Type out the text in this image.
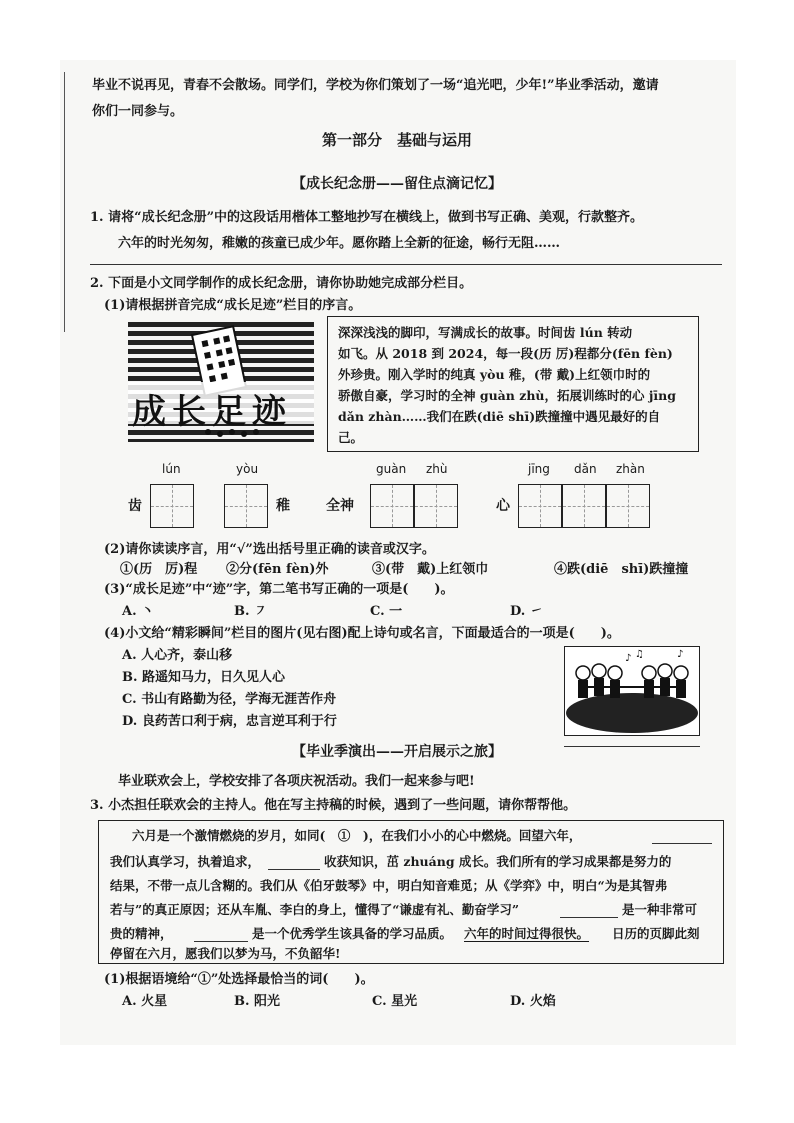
毕业不说再见，青春不会散场。同学们，学校为你们策划了一场“追光吧，少年!”毕业季活动，邀请
你们一同参与。
第一部分　基础与运用
【成长纪念册——留住点滴记忆】
1. 请将“成长纪念册”中的这段话用楷体工整地抄写在横线上，做到书写正确、美观，行款整齐。
六年的时光匆匆，稚嫩的孩童已成少年。愿你踏上全新的征途，畅行无阻……
2. 下面是小文同学制作的成长纪念册，请你协助她完成部分栏目。
(1)请根据拼音完成“成长足迹”栏目的序言。
成长足迹
深深浅浅的脚印，写满成长的故事。时间齿 lún 转动
如飞。从 2018 到 2024，每一段(历 厉)程都分(fēn fèn)
外珍贵。刚入学时的纯真 yòu 稚，(带 戴)上红领巾时的
骄傲自豪，学习时的全神 guàn zhù，拓展训练时的心 jīng
dǎn zhàn……我们在跌(diē shī)跌撞撞中遇见最好的自
己。
lún	yòu	guàn zhù	jīng dǎn zhàn
齿	稚	全神	心
(2)请你读读序言，用“√”选出括号里正确的读音或汉字。
①(历　厉)程 ②分(fēn fèn)外	③(带　戴)上红领巾	④跌(diē　shī)跌撞撞
(3)“成长足迹”中“迹”字，第二笔书写正确的一项是(　　)。
A. 丶	B. ㇇	C. 一	D. ㇀
(4)小文给“精彩瞬间”栏目的图片(见右图)配上诗句或名言，下面最适合的一项是(　　)。
A. 人心齐，泰山移
B. 路遥知马力，日久见人心
C. 书山有路勤为径，学海无涯苦作舟
D. 良药苦口利于病，忠言逆耳利于行
♪ ♫	♪
【毕业季演出——开启展示之旅】
毕业联欢会上，学校安排了各项庆祝活动。我们一起来参与吧!
3. 小杰担任联欢会的主持人。他在写主持稿的时候，遇到了一些问题，请你帮帮他。
六月是一个激情燃烧的岁月，如同(　①　)，在我们小小的心中燃烧。回望六年，
我们认真学习，执着追求，	收获知识，茁 zhuáng 成长。我们所有的学习成果都是努力的
结果，不带一点儿含糊的。我们从《伯牙鼓琴》中，明白知音难觅；从《学弈》中，明白“为是其智弗
若与”的真正原因；还从车胤、李白的身上，懂得了“谦虚有礼、勤奋学习”	是一种非常可
贵的精神，	是一个优秀学生该具备的学习品质。 六年的时间过得很快。 日历的页脚此刻
停留在六月，愿我们以梦为马，不负韶华!
(1)根据语境给“①”处选择最恰当的词(　　)。
A. 火星	B. 阳光	C. 星光	D. 火焰
